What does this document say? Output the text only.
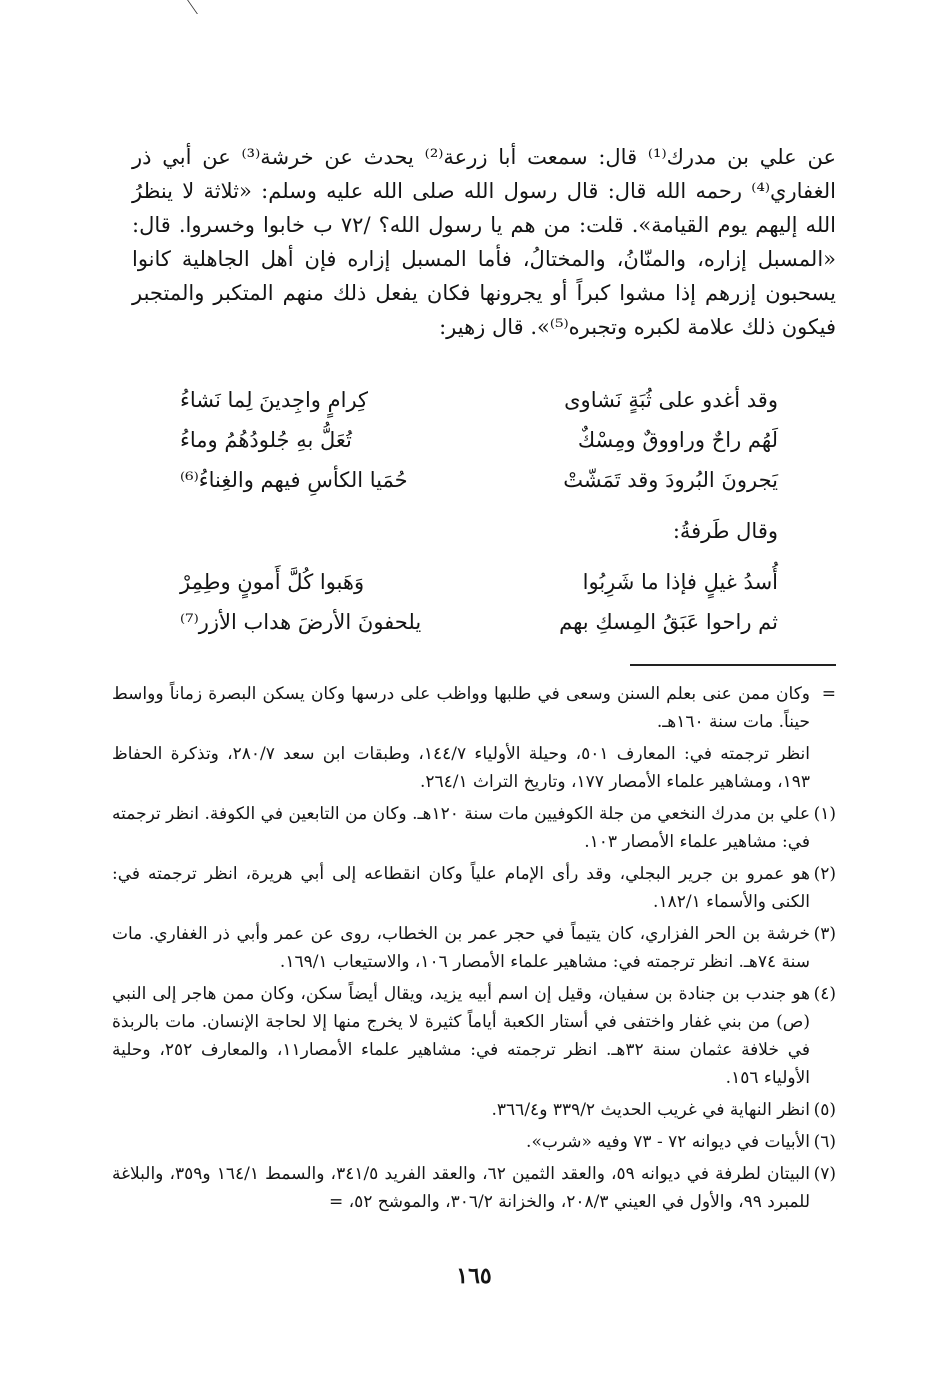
عن علي بن مدرك⁽¹⁾ قال: سمعت أبا زرعة⁽²⁾ يحدث عن خرشة⁽³⁾ عن أبي ذر الغفاري⁽⁴⁾ رحمه الله قال: قال رسول الله صلى الله عليه وسلم: «ثلاثة لا ينظرُ الله إليهم يوم القيامة». قلت: من هم يا رسول الله؟ /٧٢ ب خابوا وخسروا. قال: «المسبل إزاره، والمنّانُ، والمختالُ، فأما المسبل إزاره فإن أهل الجاهلية كانوا يسحبون إزرهم إذا مشوا كبراً أو يجرونها فكان يفعل ذلك منهم المتكبر والمتجبر فيكون ذلك علامة لكبره وتجبره⁽⁵⁾». قال زهير:

وقد أغدو على ثُبَةٍ نَشاوى
كِرامٍ واجِدينَ لِما نَشاءُ
لَهُم راحٌ وراووقٌ ومِسْكٌ
تُعَلُّ بهِ جُلودُهُمُ وماءُ
يَجرونَ البُرودَ وقد تَمَشّتْ
حُمَيا الكأسِ فيهم والغِناءُ⁽⁶⁾
وقال طَرفةُ:
أُسدُ غيلٍ فإذا ما شَرِبُوا
وَهَبوا كُلَّ أَمونٍ وطِمِرْ
ثم راحوا عَبَقُ المِسكِ بهم
يلحفونَ الأرضَ هداب الأزر⁽⁷⁾
=
وكان ممن عنى بعلم السنن وسعى في طلبها وواظب على درسها وكان يسكن البصرة زماناً وواسط حيناً. مات سنة ١٦٠هـ.
انظر ترجمته في: المعارف ٥٠١، وحيلة الأولياء ١٤٤/٧، وطبقات ابن سعد ٢٨٠/٧، وتذكرة الحفاظ ١٩٣، ومشاهير علماء الأمصار ١٧٧، وتاريخ التراث ٢٦٤/١.
(١)
علي بن مدرك النخعي من جلة الكوفيين مات سنة ١٢٠هـ. وكان من التابعين في الكوفة. انظر ترجمته في: مشاهير علماء الأمصار ١٠٣.
(٢)
هو عمرو بن جرير البجلي، وقد رأى الإمام علياً وكان انقطاعه إلى أبي هريرة، انظر ترجمته في: الكنى والأسماء ١٨٢/١.
(٣)
خرشة بن الحر الفزاري، كان يتيماً في حجر عمر بن الخطاب، روى عن عمر وأبي ذر الغفاري. مات سنة ٧٤هـ. انظر ترجمته في: مشاهير علماء الأمصار ١٠٦، والاستيعاب ١٦٩/١.
(٤)
هو جندب بن جنادة بن سفيان، وقيل إن اسم أبيه يزيد، ويقال أيضاً سكن، وكان ممن هاجر إلى النبي (ص) من بني غفار واختفى في أستار الكعبة أياماً كثيرة لا يخرج منها إلا لحاجة الإنسان. مات بالربذة في خلافة عثمان سنة ٣٢هـ. انظر ترجمته في: مشاهير علماء الأمصار١١، والمعارف ٢٥٢، وحلية الأولياء ١٥٦.
(٥)
انظر النهاية في غريب الحديث ٣٣٩/٢ و٣٦٦/٤.
(٦)
الأبيات في ديوانه ٧٢ - ٧٣ وفيه «شرب».
(٧)
البيتان لطرفة في ديوانه ٥٩، والعقد الثمين ٦٢، والعقد الفريد ٣٤١/٥، والسمط ١٦٤/١ و٣٥٩، والبلاغة للمبرد ٩٩، والأول في العيني ٢٠٨/٣، والخزانة ٣٠٦/٢، والموشح ٥٢، =
١٦٥
